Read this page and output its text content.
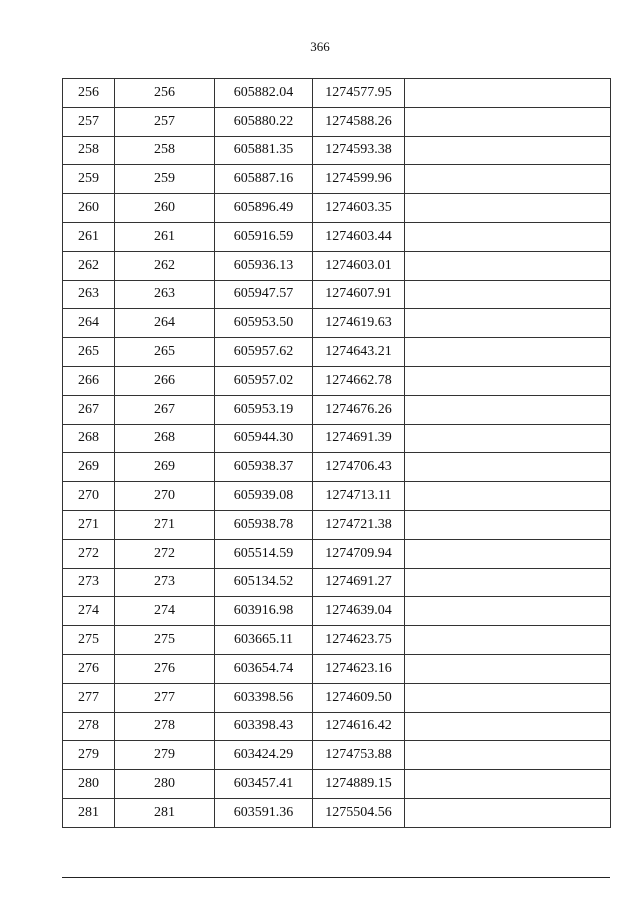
366
256	256	605882.04	1274577.95	
257	257	605880.22	1274588.26	
258	258	605881.35	1274593.38	
259	259	605887.16	1274599.96	
260	260	605896.49	1274603.35	
261	261	605916.59	1274603.44	
262	262	605936.13	1274603.01	
263	263	605947.57	1274607.91	
264	264	605953.50	1274619.63	
265	265	605957.62	1274643.21	
266	266	605957.02	1274662.78	
267	267	605953.19	1274676.26	
268	268	605944.30	1274691.39	
269	269	605938.37	1274706.43	
270	270	605939.08	1274713.11	
271	271	605938.78	1274721.38	
272	272	605514.59	1274709.94	
273	273	605134.52	1274691.27	
274	274	603916.98	1274639.04	
275	275	603665.11	1274623.75	
276	276	603654.74	1274623.16	
277	277	603398.56	1274609.50	
278	278	603398.43	1274616.42	
279	279	603424.29	1274753.88	
280	280	603457.41	1274889.15	
281	281	603591.36	1275504.56	
